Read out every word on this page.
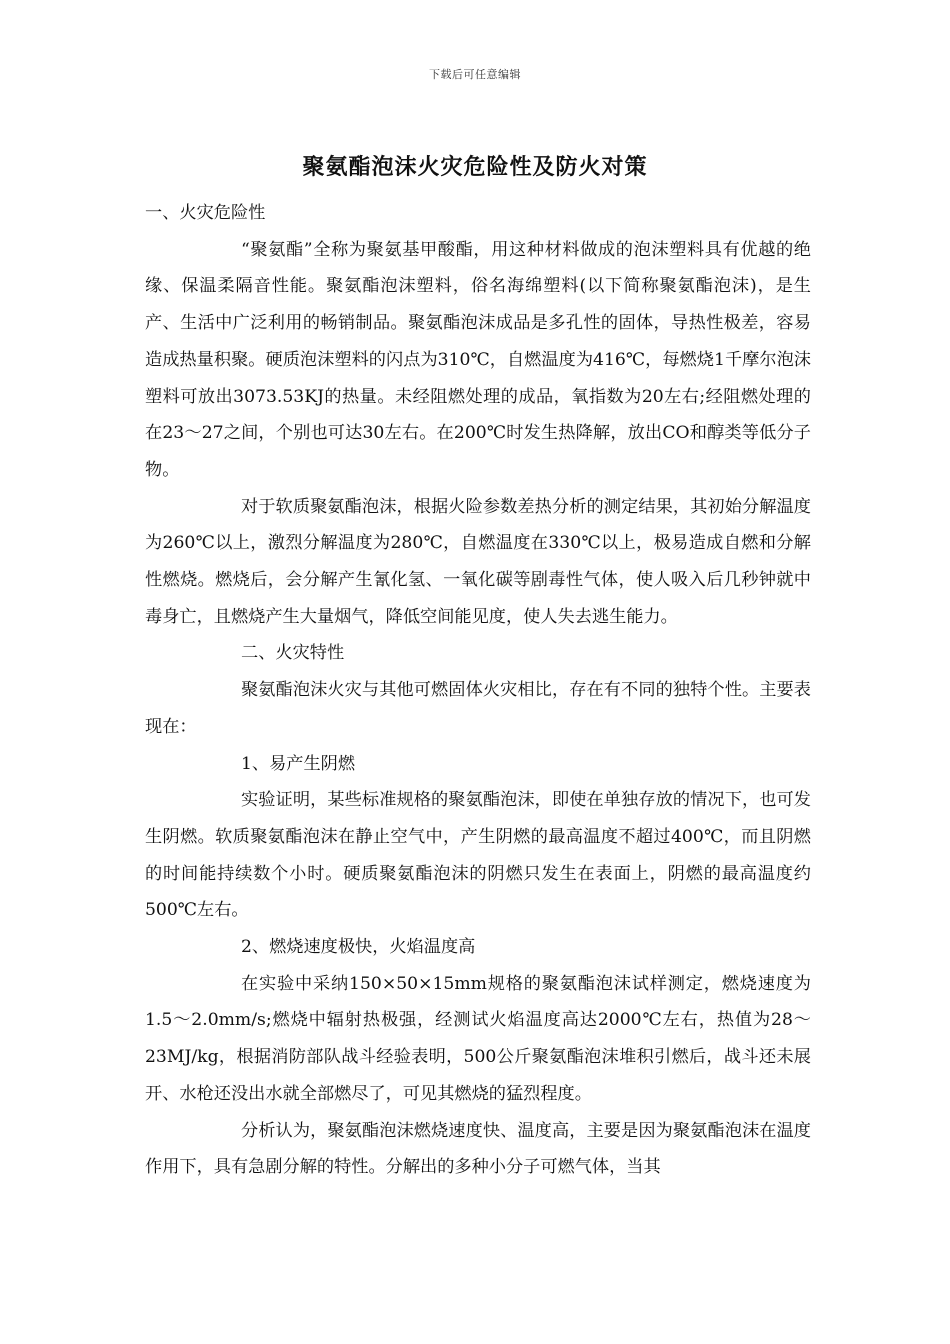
下载后可任意编辑
聚氨酯泡沫火灾危险性及防火对策

一、火灾危险性

“聚氨酯”全称为聚氨基甲酸酯，用这种材料做成的泡沫塑料具有优越的绝缘、保温柔隔音性能。聚氨酯泡沫塑料，俗名海绵塑料(以下简称聚氨酯泡沫)，是生产、生活中广泛利用的畅销制品。聚氨酯泡沫成品是多孔性的固体，导热性极差，容易造成热量积聚。硬质泡沫塑料的闪点为310℃，自燃温度为416℃，每燃烧1千摩尔泡沫塑料可放出3073.53KJ的热量。未经阻燃处理的成品，氧指数为20左右;经阻燃处理的在23～27之间，个别也可达30左右。在200℃时发生热降解，放出CO和醇类等低分子物。

对于软质聚氨酯泡沫，根据火险参数差热分析的测定结果，其初始分解温度为260℃以上，激烈分解温度为280℃，自燃温度在330℃以上，极易造成自燃和分解性燃烧。燃烧后，会分解产生氰化氢、一氧化碳等剧毒性气体，使人吸入后几秒钟就中毒身亡，且燃烧产生大量烟气，降低空间能见度，使人失去逃生能力。

二、火灾特性

聚氨酯泡沫火灾与其他可燃固体火灾相比，存在有不同的独特个性。主要表现在：

1、易产生阴燃

实验证明，某些标准规格的聚氨酯泡沫，即使在单独存放的情况下，也可发生阴燃。软质聚氨酯泡沫在静止空气中，产生阴燃的最高温度不超过400℃，而且阴燃的时间能持续数个小时。硬质聚氨酯泡沫的阴燃只发生在表面上，阴燃的最高温度约500℃左右。

2、燃烧速度极快，火焰温度高

在实验中采纳150×50×15mm规格的聚氨酯泡沫试样测定，燃烧速度为1.5～2.0mm/s;燃烧中辐射热极强，经测试火焰温度高达2000℃左右，热值为28～23MJ/kg，根据消防部队战斗经验表明，500公斤聚氨酯泡沫堆积引燃后，战斗还未展开、水枪还没出水就全部燃尽了，可见其燃烧的猛烈程度。

分析认为，聚氨酯泡沫燃烧速度快、温度高，主要是因为聚氨酯泡沫在温度作用下，具有急剧分解的特性。分解出的多种小分子可燃气体，当其
